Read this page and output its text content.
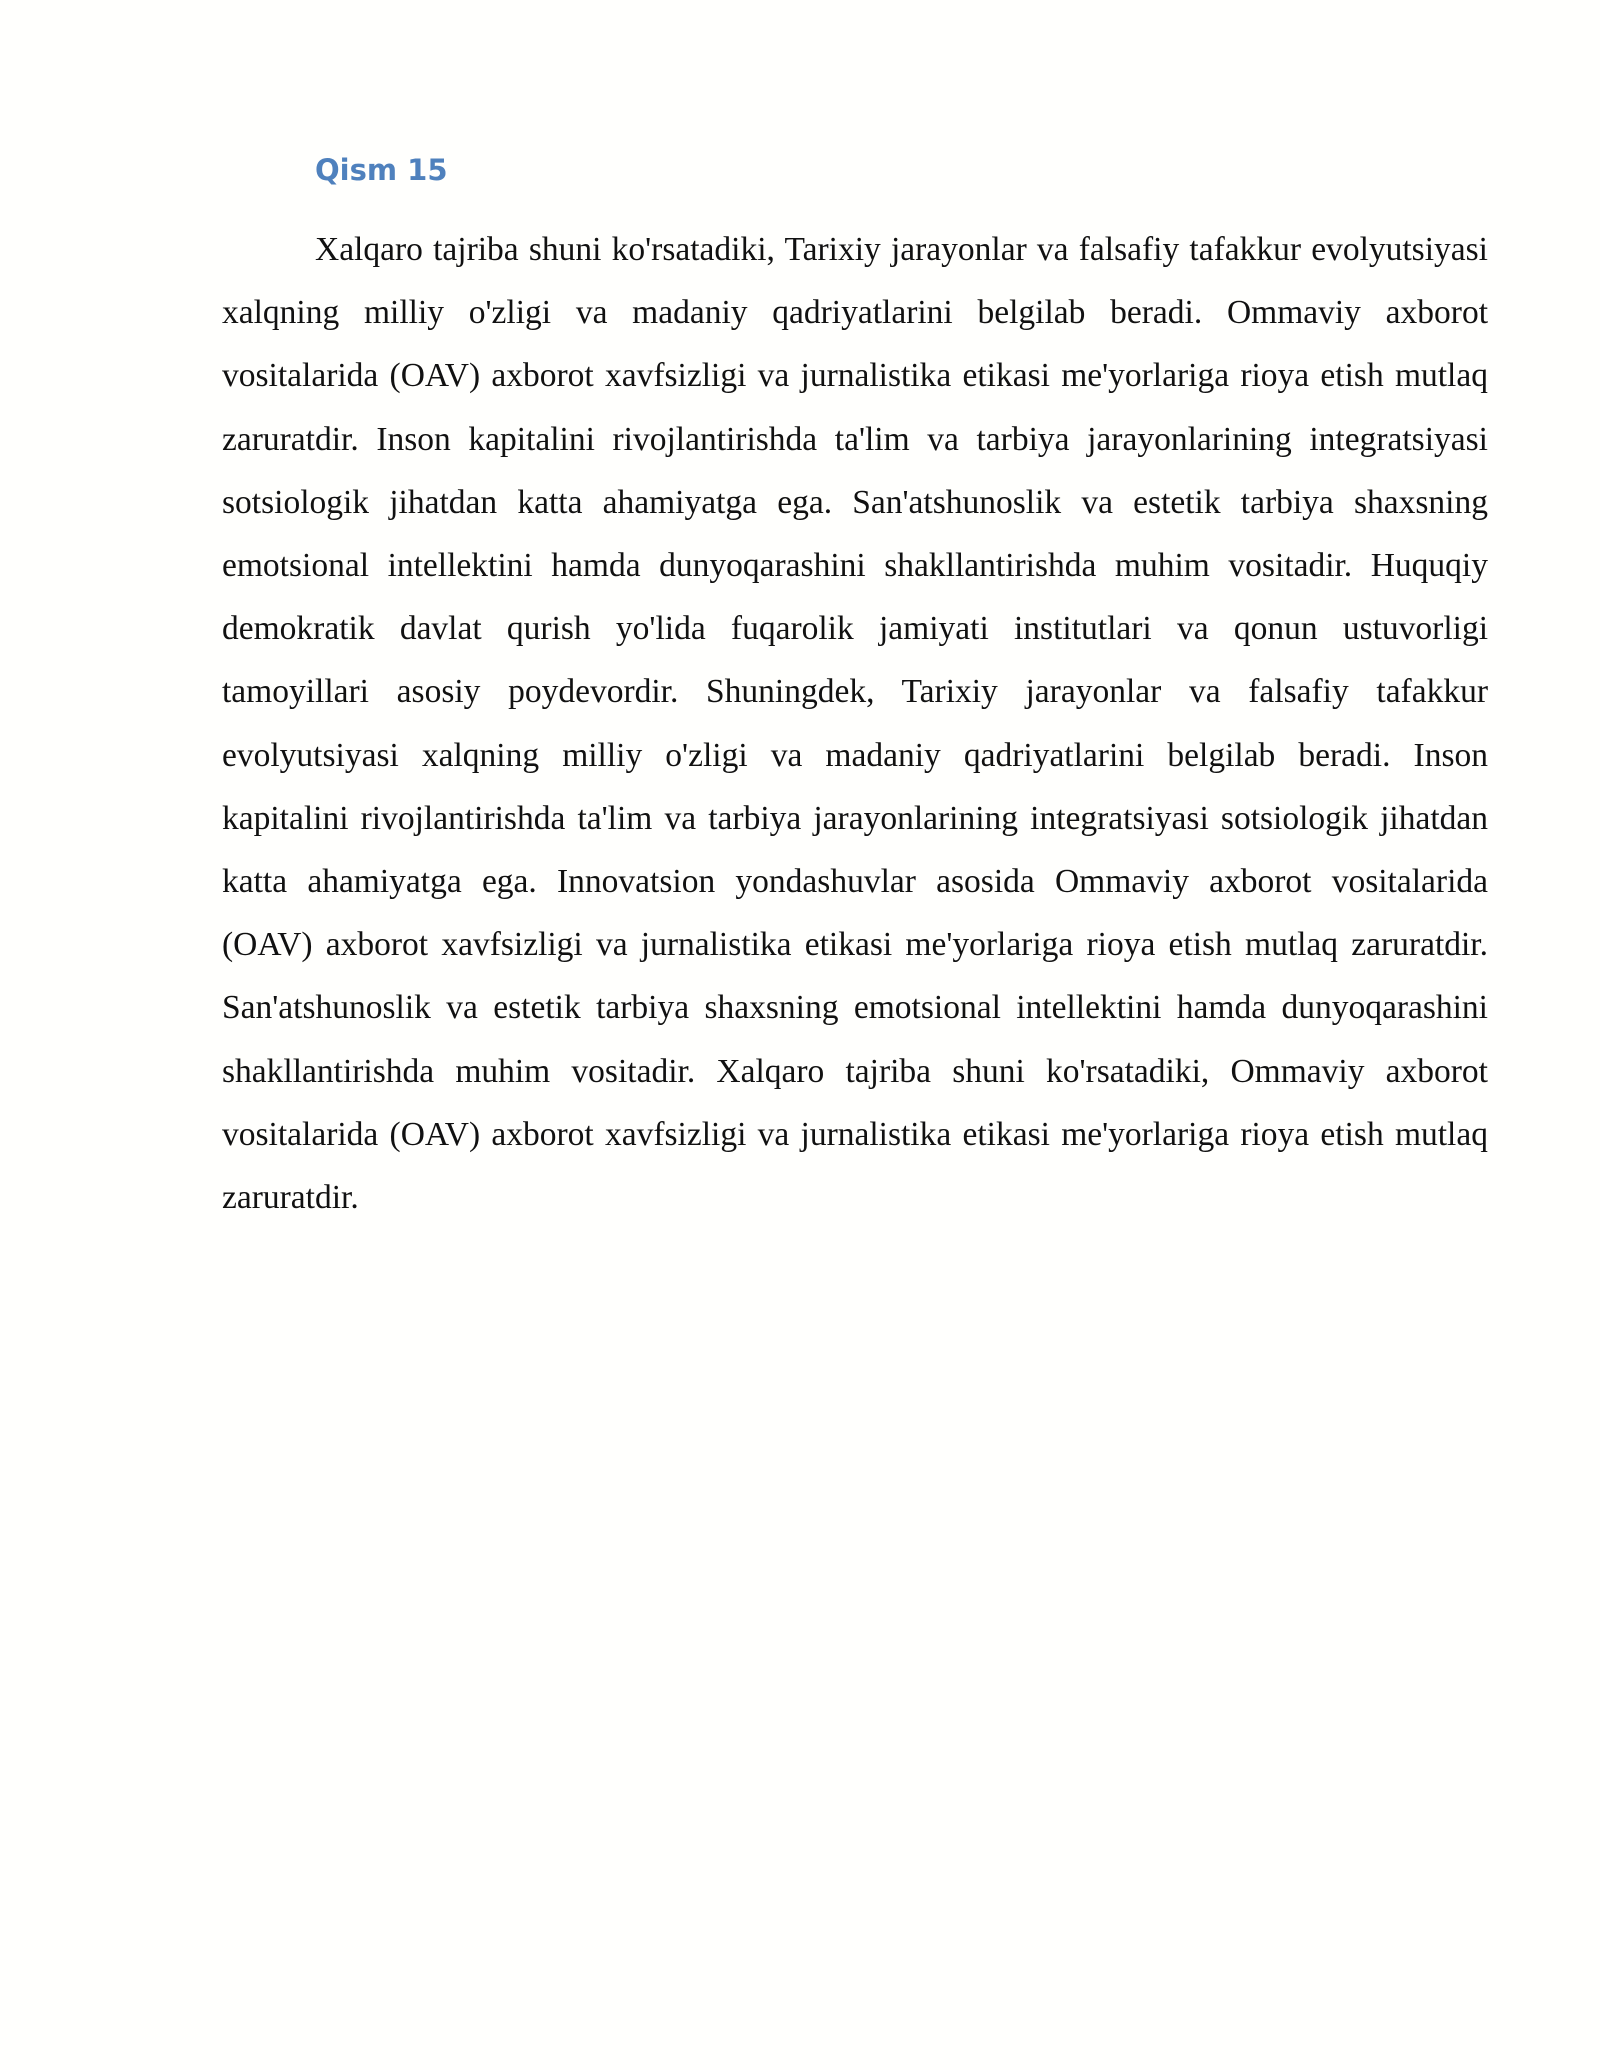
Qism 15

Xalqaro tajriba shuni ko'rsatadiki, Tarixiy jarayonlar va falsafiy tafakkur evolyutsiyasi xalqning milliy o'zligi va madaniy qadriyatlarini belgilab beradi. Ommaviy axborot vositalarida (OAV) axborot xavfsizligi va jurnalistika etikasi me'yorlariga rioya etish mutlaq zaruratdir. Inson kapitalini rivojlantirishda ta'lim va tarbiya jarayonlarining integratsiyasi sotsiologik jihatdan katta ahamiyatga ega. San'atshunoslik va estetik tarbiya shaxsning emotsional intellektini hamda dunyoqarashini shakllantirishda muhim vositadir. Huquqiy demokratik davlat qurish yo'lida fuqarolik jamiyati institutlari va qonun ustuvorligi tamoyillari asosiy poydevordir. Shuningdek, Tarixiy jarayonlar va falsafiy tafakkur evolyutsiyasi xalqning milliy o'zligi va madaniy qadriyatlarini belgilab beradi. Inson kapitalini rivojlantirishda ta'lim va tarbiya jarayonlarining integratsiyasi sotsiologik jihatdan katta ahamiyatga ega. Innovatsion yondashuvlar asosida Ommaviy axborot vositalarida (OAV) axborot xavfsizligi va jurnalistika etikasi me'yorlariga rioya etish mutlaq zaruratdir. San'atshunoslik va estetik tarbiya shaxsning emotsional intellektini hamda dunyoqarashini shakllantirishda muhim vositadir. Xalqaro tajriba shuni ko'rsatadiki, Ommaviy axborot vositalarida (OAV) axborot xavfsizligi va jurnalistika etikasi me'yorlariga rioya etish mutlaq zaruratdir.
